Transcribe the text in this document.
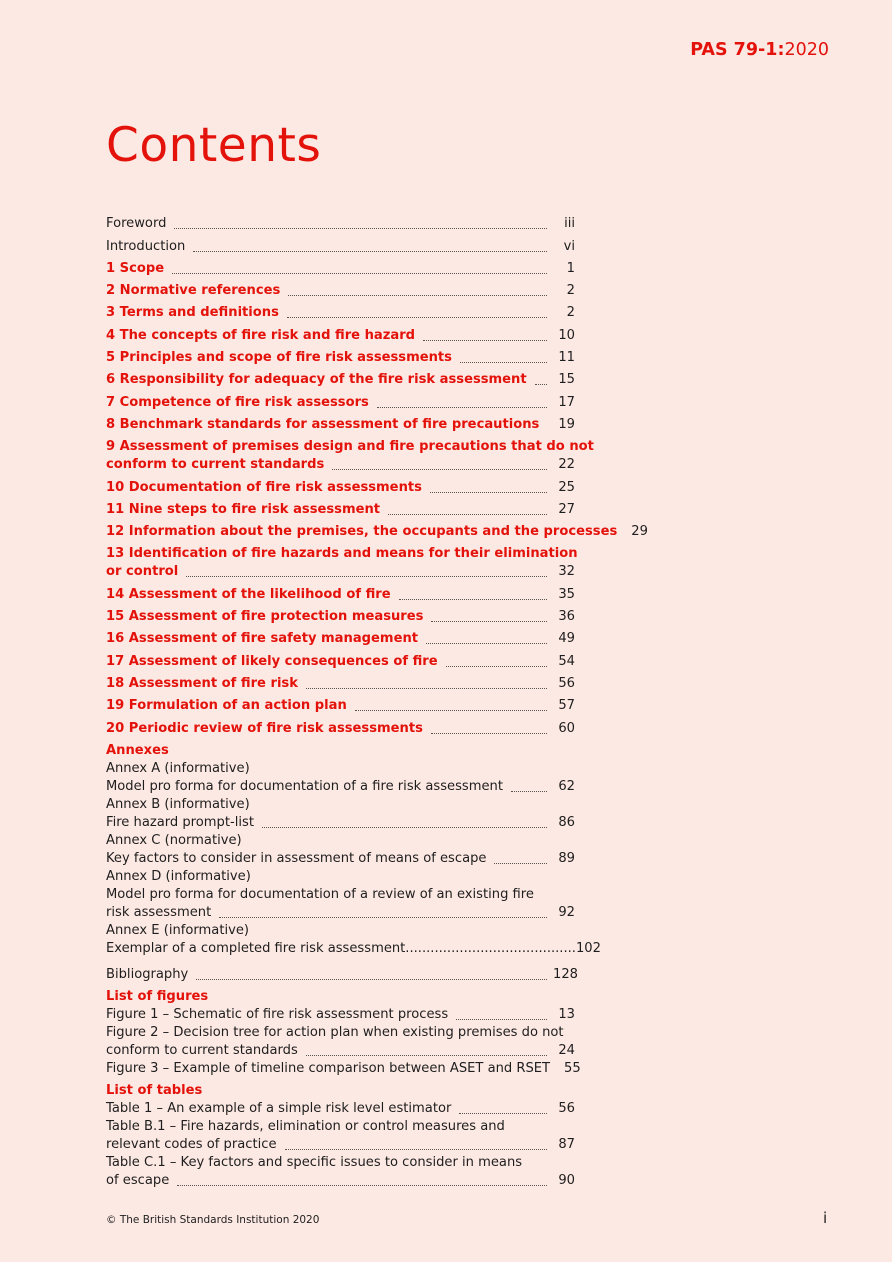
PAS 79-1:2020
Contents
Foreword	iii
Introduction	vi
1 Scope	1
2 Normative references	2
3 Terms and definitions	2
4 The concepts of fire risk and fire hazard	10
5 Principles and scope of fire risk assessments	11
6 Responsibility for adequacy of the fire risk assessment	15
7 Competence of fire risk assessors	17
8 Benchmark standards for assessment of fire precautions	19
9 Assessment of premises design and fire precautions that do not
conform to current standards	22
10 Documentation of fire risk assessments	25
11 Nine steps to fire risk assessment	27
12 Information about the premises, the occupants and the processes 29
13 Identification of fire hazards and means for their elimination
or control	32
14 Assessment of the likelihood of fire	35
15 Assessment of fire protection measures	36
16 Assessment of fire safety management	49
17 Assessment of likely consequences of fire	54
18 Assessment of fire risk	56
19 Formulation of an action plan	57
20 Periodic review of fire risk assessments	60
Annexes
Annex A (informative)
Model pro forma for documentation of a fire risk assessment	62
Annex B (informative)
Fire hazard prompt-list	86
Annex C (normative)
Key factors to consider in assessment of means of escape	89
Annex D (informative)
Model pro forma for documentation of a review of an existing fire
risk assessment	92
Annex E (informative)
Exemplar of a completed fire risk assessment......................................... 102
Bibliography	128
List of figures
Figure 1 – Schematic of fire risk assessment process	13
Figure 2 – Decision tree for action plan when existing premises do not
conform to current standards	24
Figure 3 – Example of timeline comparison between ASET and RSET 55
List of tables
Table 1 – An example of a simple risk level estimator	56
Table B.1 – Fire hazards, elimination or control measures and
relevant codes of practice	87
Table C.1 – Key factors and specific issues to consider in means
of escape	90
© The British Standards Institution 2020	i
